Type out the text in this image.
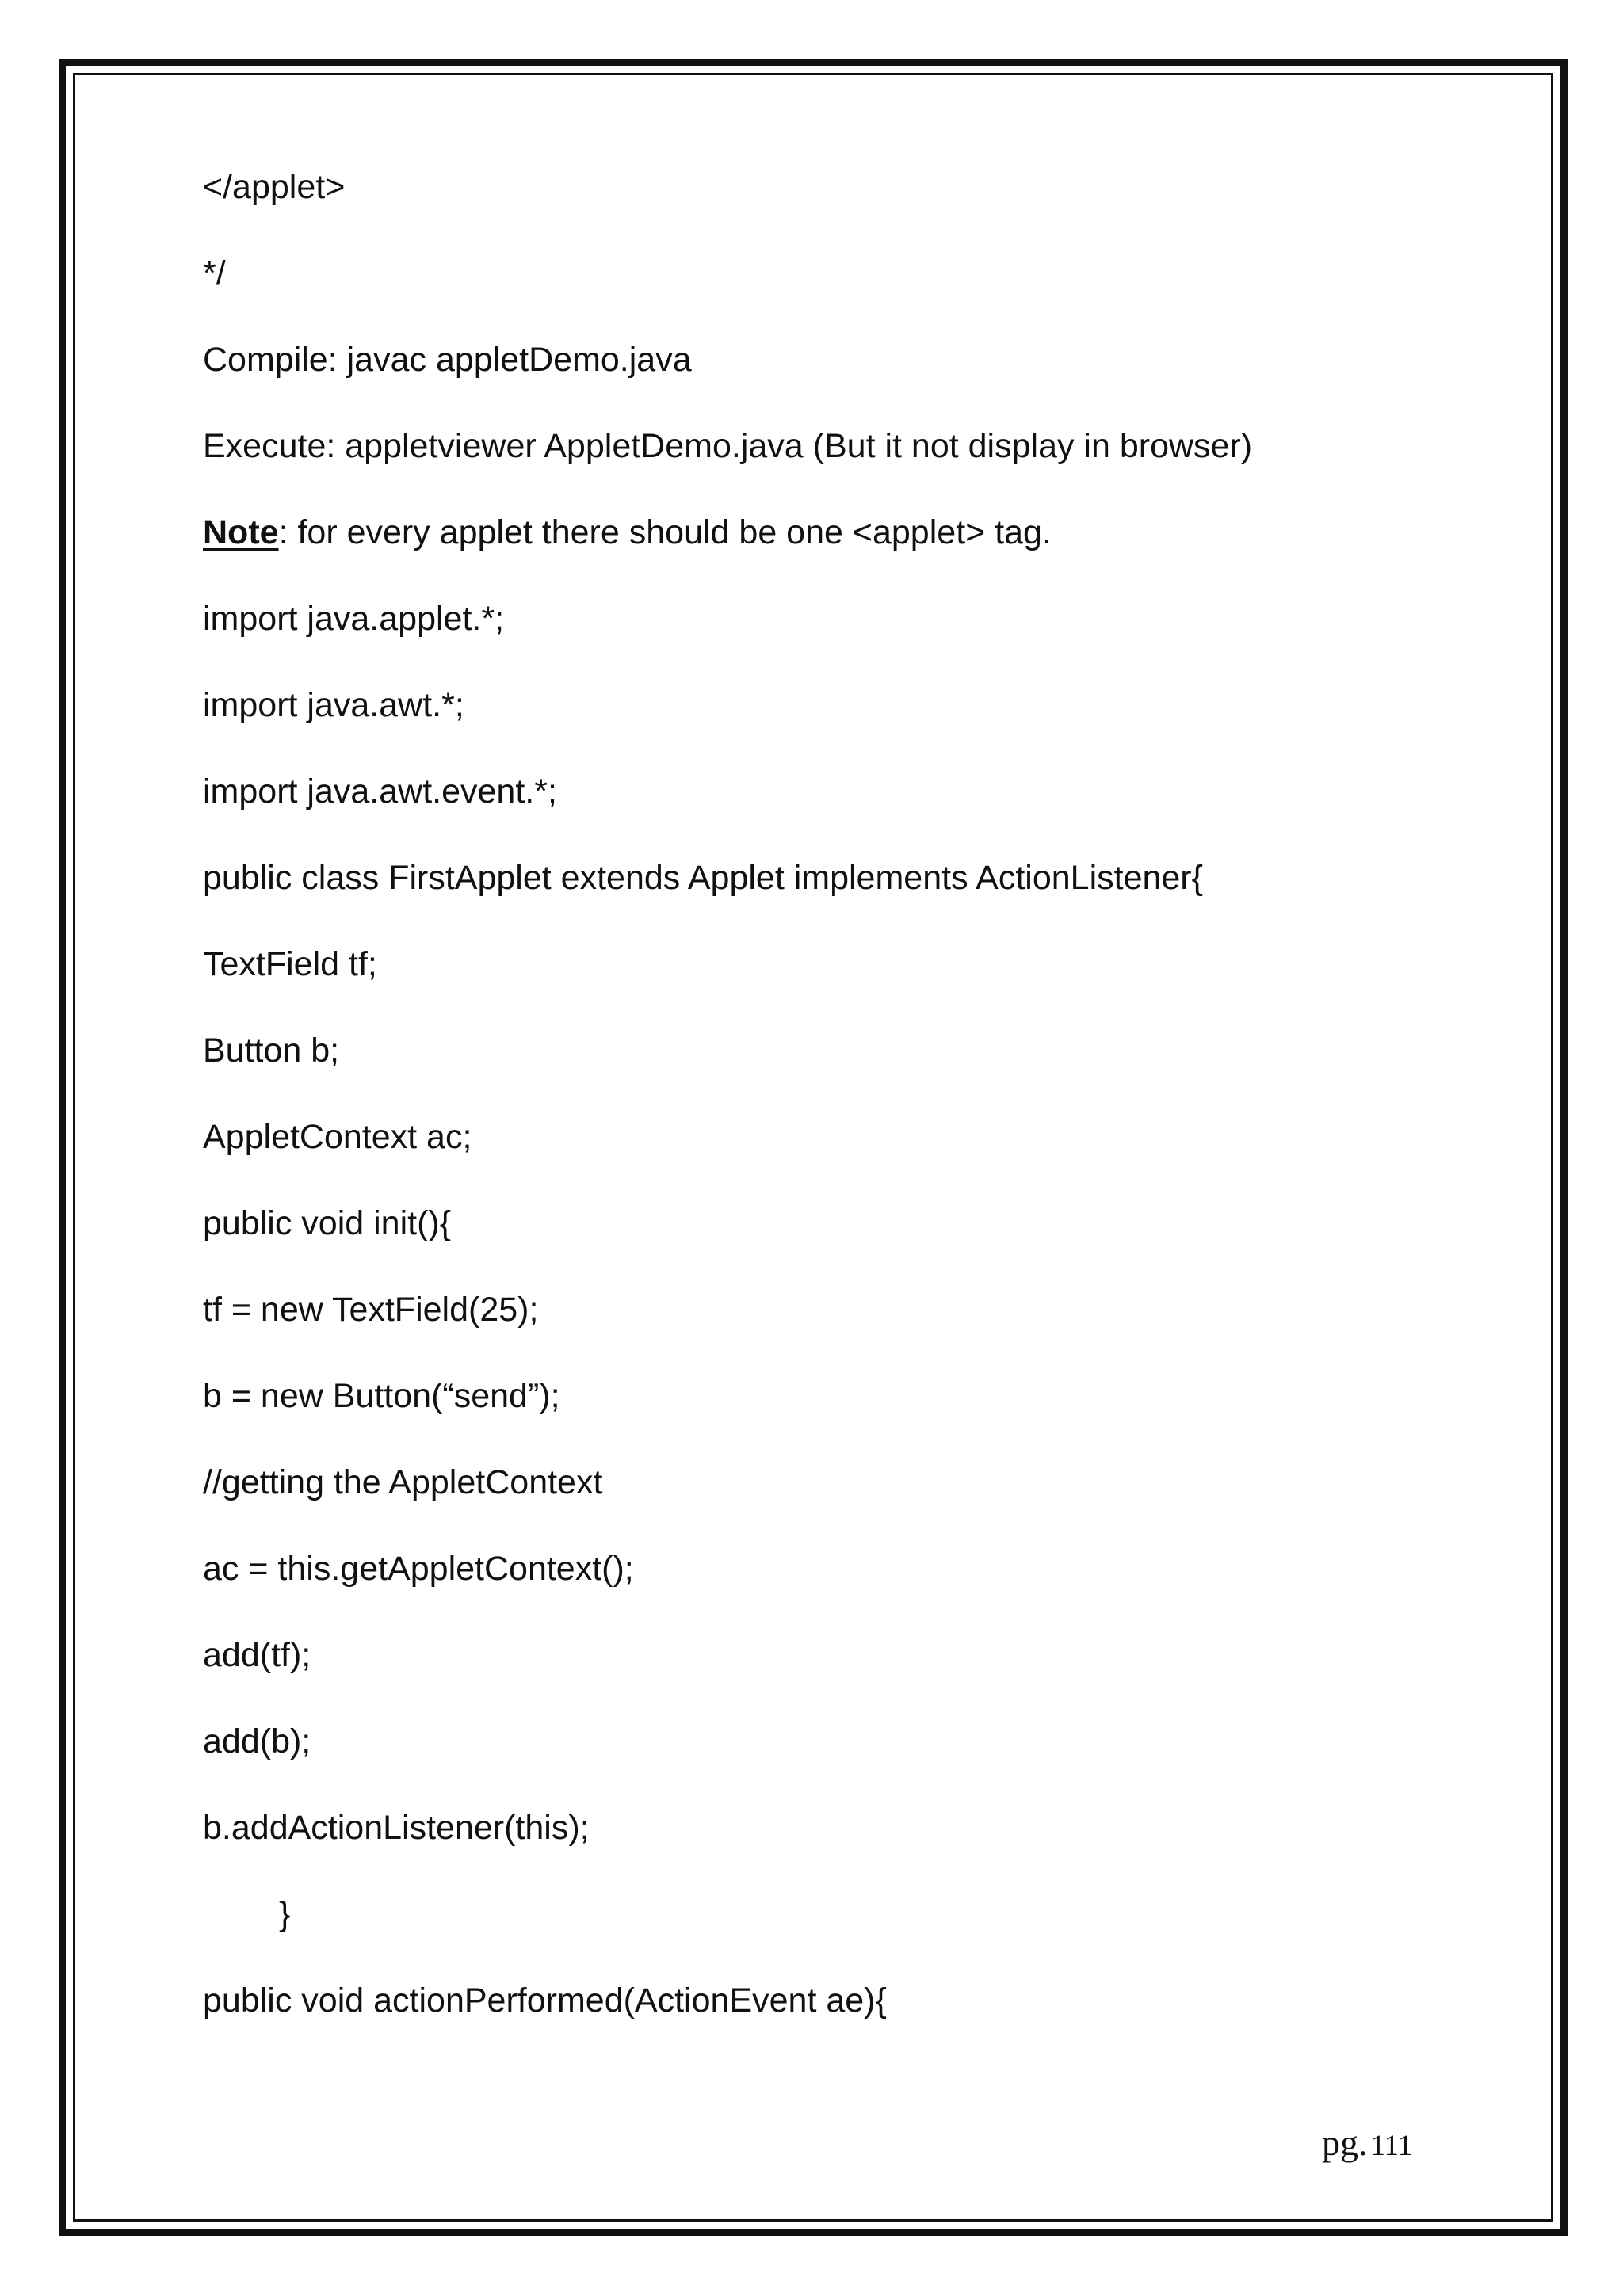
</applet>
*/
Compile: javac appletDemo.java
Execute: appletviewer AppletDemo.java (But it not display in browser)
Note: for every applet there should be one <applet> tag.
import java.applet.*;
import java.awt.*;
import java.awt.event.*;
public class FirstApplet extends Applet implements ActionListener{
TextField tf;
Button b;
AppletContext ac;
public void init(){
tf = new TextField(25);
b = new Button(“send”);
//getting the AppletContext
ac = this.getAppletContext();
add(tf);
add(b);
b.addActionListener(this);
}
public void actionPerformed(ActionEvent ae){
pg. 111
